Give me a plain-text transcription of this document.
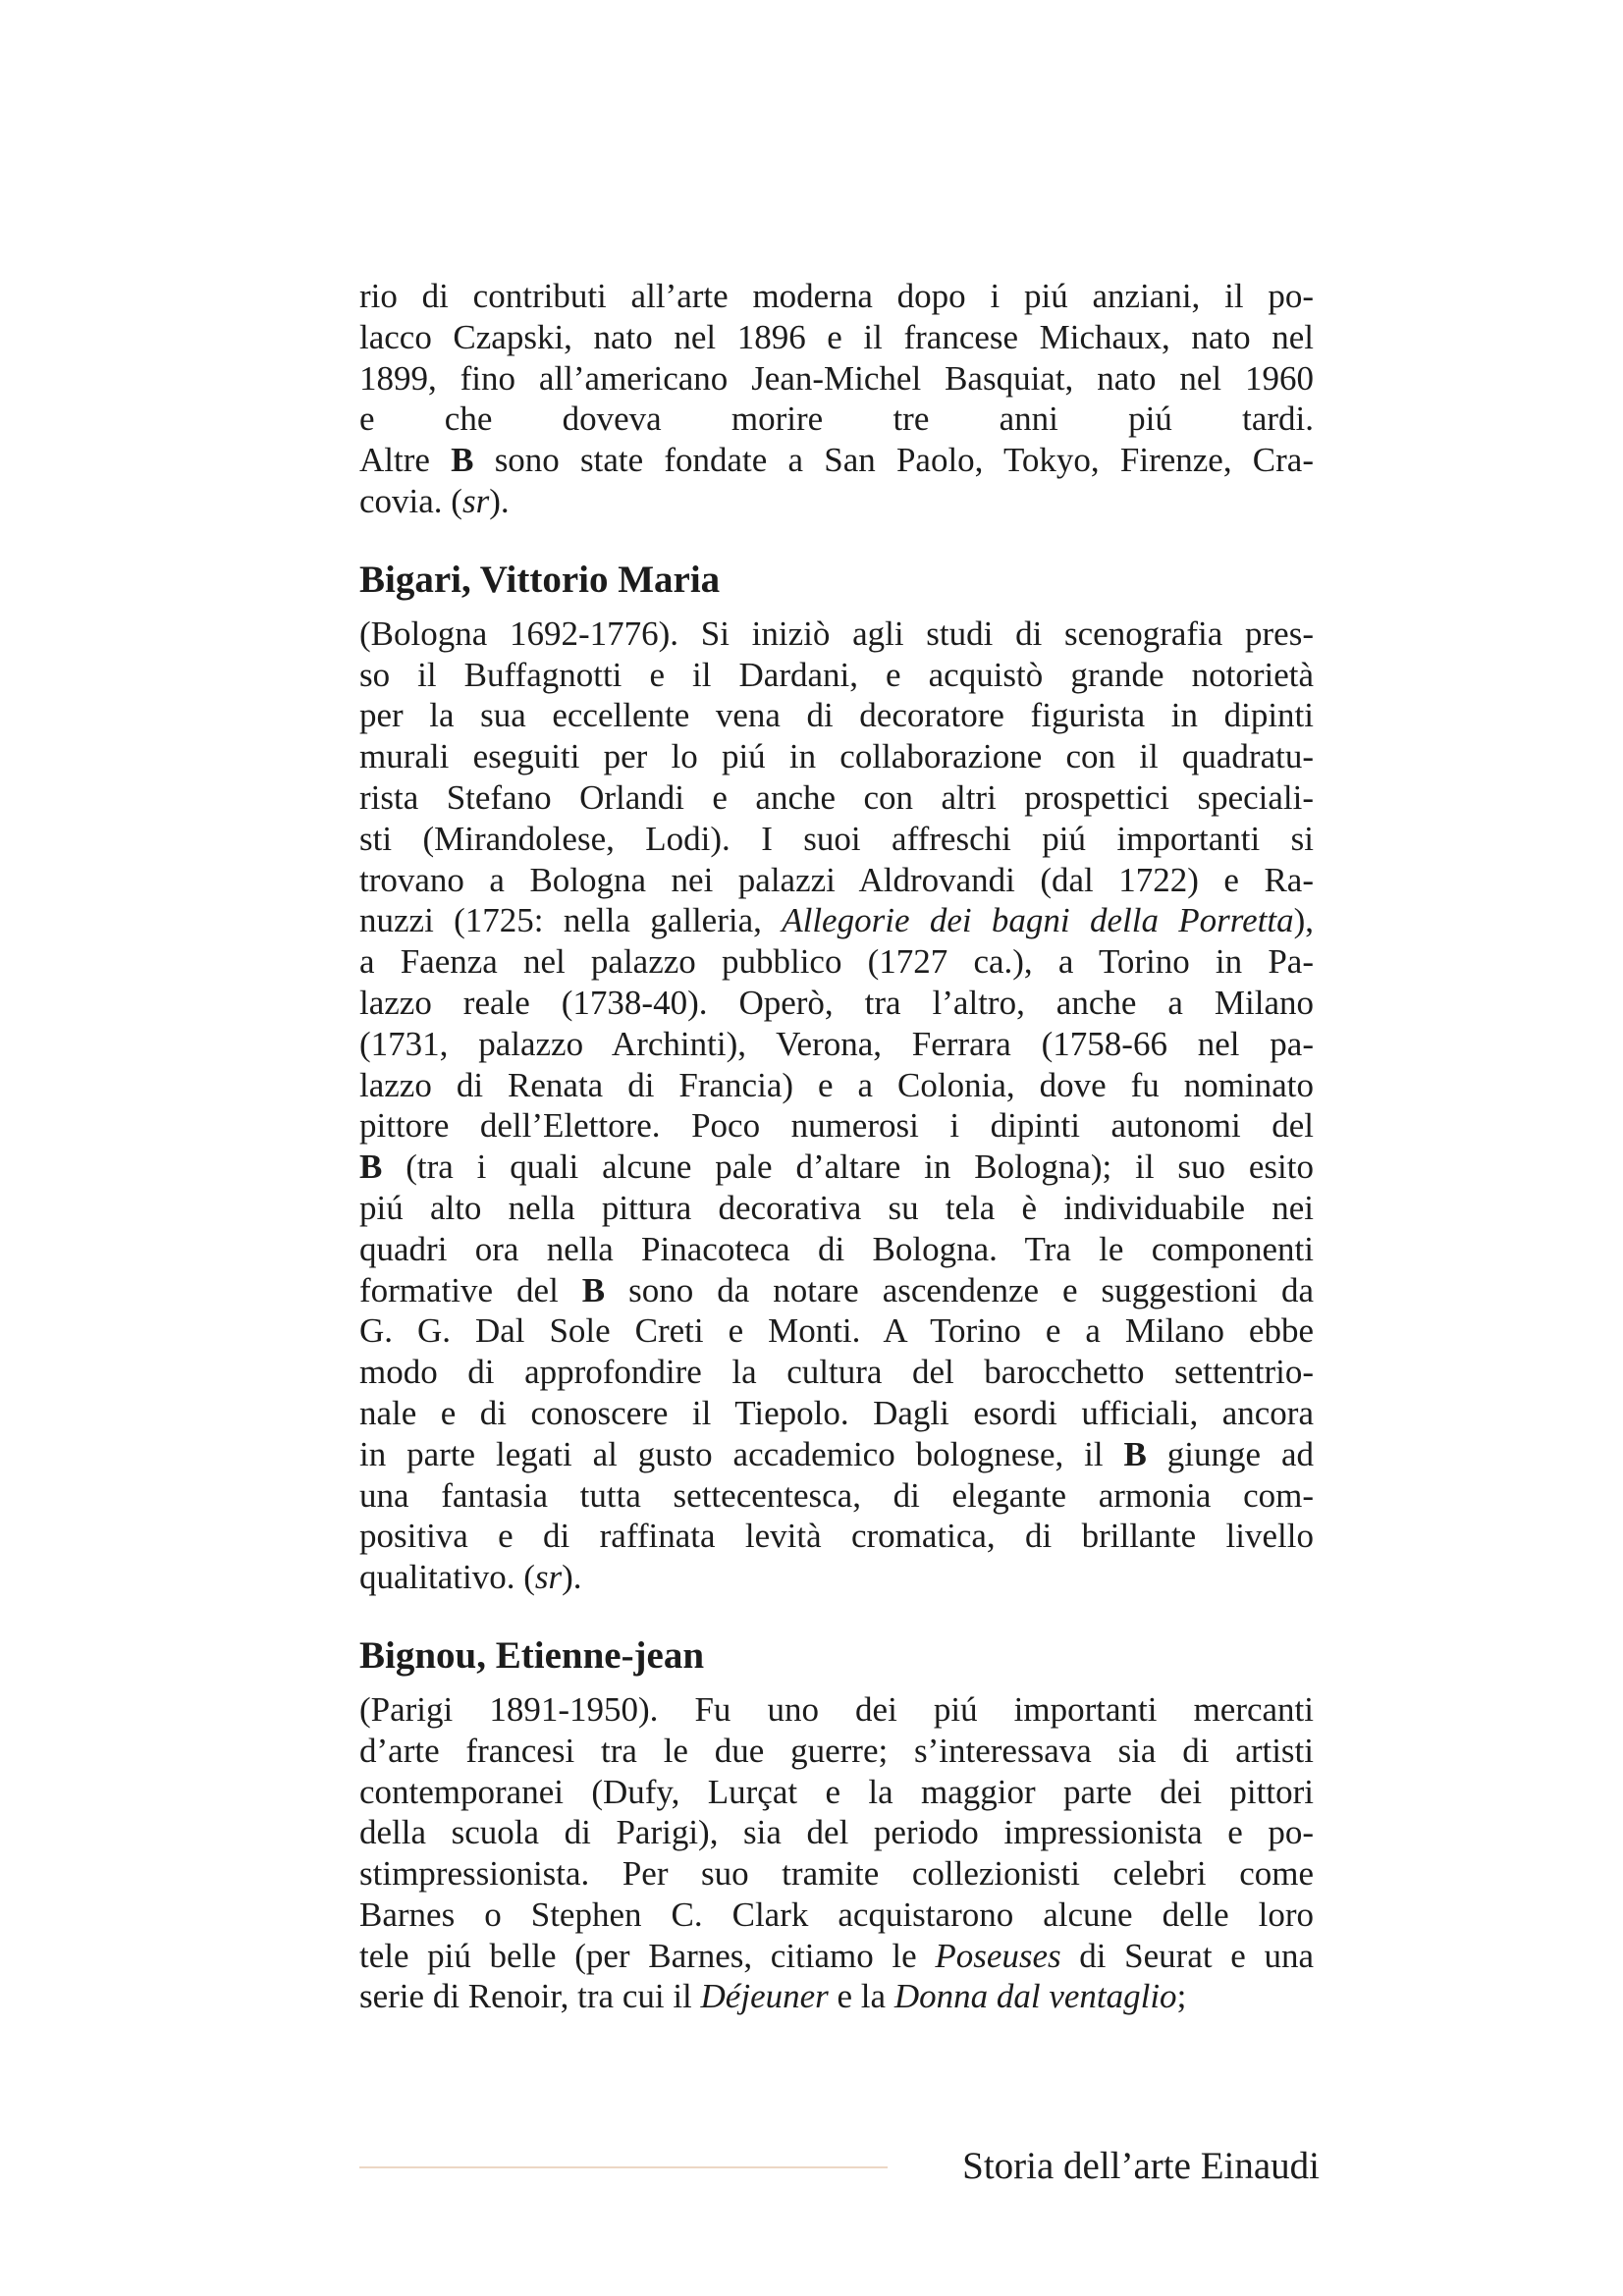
rio di contributi all’arte moderna dopo i piú anziani, il po-
lacco Czapski, nato nel 1896 e il francese Michaux, nato nel
1899, fino all’americano Jean-Michel Basquiat, nato nel 1960
e che doveva morire tre anni piú tardi.
Altre B sono state fondate a San Paolo, Tokyo, Firenze, Cra-
covia. (sr).
Bigari, Vittorio Maria
(Bologna 1692-1776). Si iniziò agli studi di scenografia pres-
so il Buffagnotti e il Dardani, e acquistò grande notorietà
per la sua eccellente vena di decoratore figurista in dipinti
murali eseguiti per lo piú in collaborazione con il quadratu-
rista Stefano Orlandi e anche con altri prospettici speciali-
sti (Mirandolese, Lodi). I suoi affreschi piú importanti si
trovano a Bologna nei palazzi Aldrovandi (dal 1722) e Ra-
nuzzi (1725: nella galleria, Allegorie dei bagni della Porretta),
a Faenza nel palazzo pubblico (1727 ca.), a Torino in Pa-
lazzo reale (1738-40). Operò, tra l’altro, anche a Milano
(1731, palazzo Archinti), Verona, Ferrara (1758-66 nel pa-
lazzo di Renata di Francia) e a Colonia, dove fu nominato
pittore dell’Elettore. Poco numerosi i dipinti autonomi del
B (tra i quali alcune pale d’altare in Bologna); il suo esito
piú alto nella pittura decorativa su tela è individuabile nei
quadri ora nella Pinacoteca di Bologna. Tra le componenti
formative del B sono da notare ascendenze e suggestioni da
G. G. Dal Sole Creti e Monti. A Torino e a Milano ebbe
modo di approfondire la cultura del barocchetto settentrio-
nale e di conoscere il Tiepolo. Dagli esordi ufficiali, ancora
in parte legati al gusto accademico bolognese, il B giunge ad
una fantasia tutta settecentesca, di elegante armonia com-
positiva e di raffinata levità cromatica, di brillante livello
qualitativo. (sr).
Bignou, Etienne-jean
(Parigi 1891-1950). Fu uno dei piú importanti mercanti
d’arte francesi tra le due guerre; s’interessava sia di artisti
contemporanei (Dufy, Lurçat e la maggior parte dei pittori
della scuola di Parigi), sia del periodo impressionista e po-
stimpressionista. Per suo tramite collezionisti celebri come
Barnes o Stephen C. Clark acquistarono alcune delle loro
tele piú belle (per Barnes, citiamo le Poseuses di Seurat e una
serie di Renoir, tra cui il Déjeuner e la Donna dal ventaglio;
Storia dell’arte Einaudi
